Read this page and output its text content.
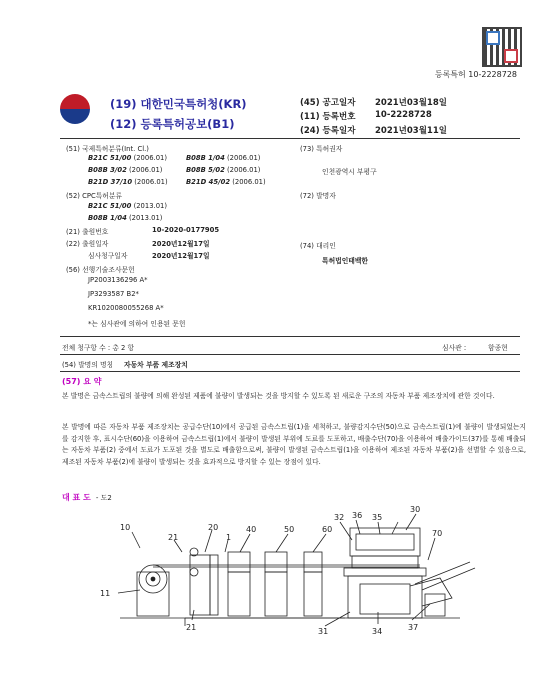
등록특허 10-2228728
(19) 대한민국특허청(KR)
(12) 등록특허공보(B1)
(45) 공고일자 2021년03월18일
(11) 등록번호 10-2228728
(24) 등록일자 2021년03월11일
(51) 국제특허분류(Int. Cl.)
B21C 51/00 (2006.01)	B08B 1/04 (2006.01)
B08B 3/02 (2006.01)	B08B 5/02 (2006.01)
B21D 37/10 (2006.01)	B21D 45/02 (2006.01)
(52) CPC특허분류
B21C 51/00 (2013.01)
B08B 1/04 (2013.01)
(21) 출원번호	10-2020-0177905
(22) 출원일자	2020년12월17일
심사청구일자	2020년12월17일
(56) 선행기술조사문헌
JP2003136296 A*
JP3293587 B2*
KR1020080055268 A*
*는 심사관에 의하여 인용된 문헌
(73) 특허권자
인천광역시 부평구
(72) 발명자
(74) 대리인
특허법인태백한
전체 청구항 수 : 총 2 항	심사관 :	함종현
(54) 발명의 명칭 자동차 부품 제조장치
(57) 요 약
본 발명은 금속스트립의 불량에 의해 완성된 제품에 불량이 발생되는 것을 방지할 수 있도록 된 새로운 구조의 자동차 부품 제조장치에 관한 것이다.
본 발명에 따른 자동차 부품 제조장치는 공급수단(10)에서 공급된 금속스트립(1)을 세척하고, 불량감지수단(50)으로 금속스트립(1)에 불량이 발생되었는지를 감지한 후, 표시수단(60)을 이용하여 금속스트립(1)에서 불량이 발생된 부위에 도료를 도포하고, 배출수단(70)을 이용하여 배출가이드(37)를 통해 배출되는 자동차 부품(2) 중에서 도료가 도포된 것을 별도로 배출함으로써, 불량이 발생된 금속스트립(1)을 이용하여 제조된 자동차 부품(2)을 선별할 수 있음으로, 제조된 자동차 부품(2)에 불량이 발생되는 것을 효과적으로 방지할 수 있는 장점이 있다.
대 표 도 - 도2
10
21
20
1
40	50	60
32 36 35
30
70
11
21	31	34	37
